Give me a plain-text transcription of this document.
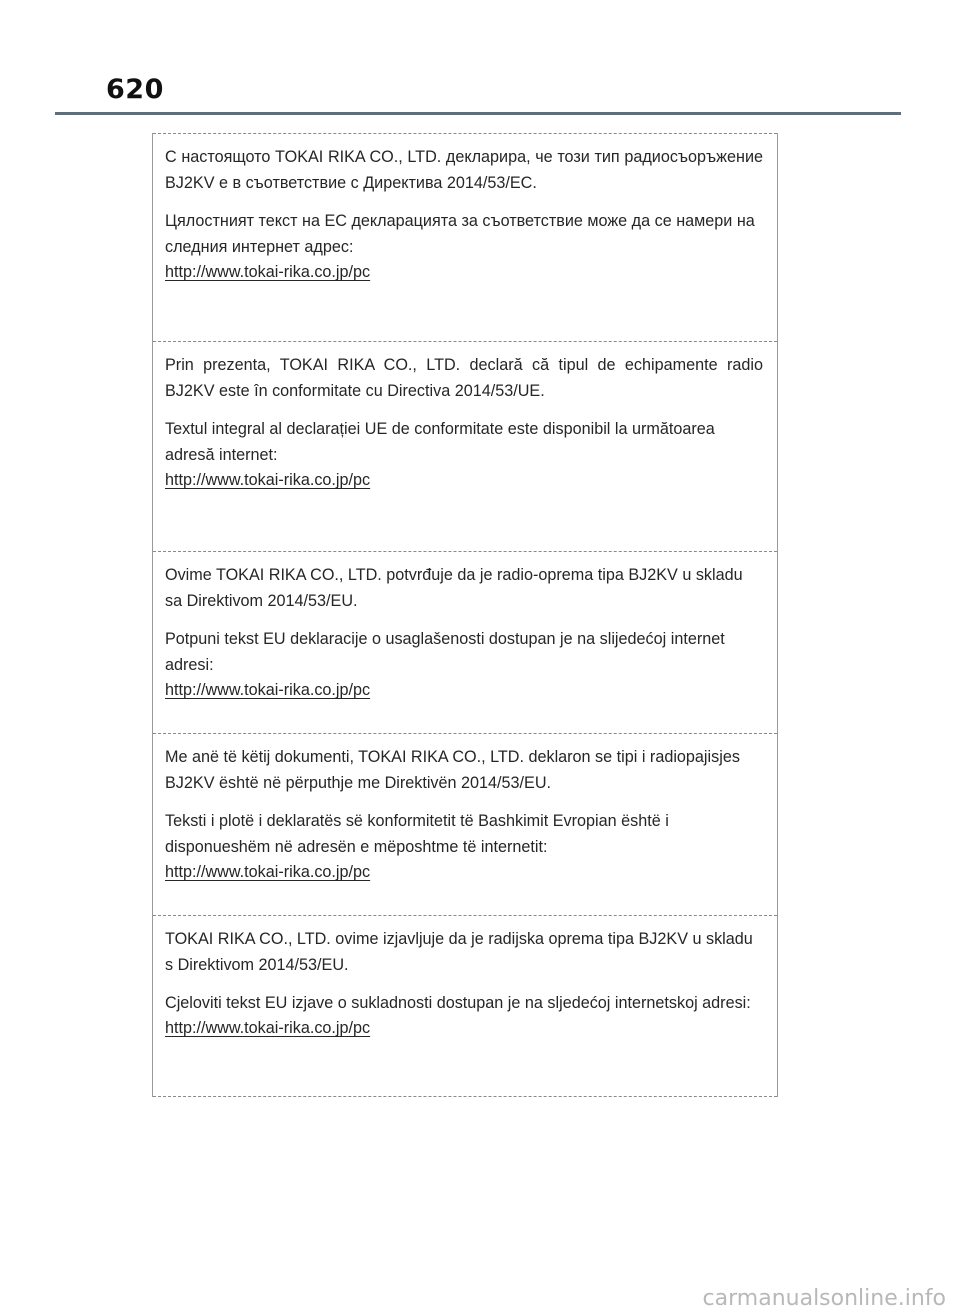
620

С настоящото TOKAI RIKA CO., LTD. декларира, че този тип радиосъоръжение BJ2KV е в съответствие с Директива 2014/53/ЕС.

Цялостният текст на ЕС декларацията за съответствие може да се намери на следния интернет адрес:

http://www.tokai-rika.co.jp/pc

Prin prezenta, TOKAI RIKA CO., LTD. declară că tipul de echipamente radio BJ2KV este în conformitate cu Directiva 2014/53/UE.

Textul integral al declarației UE de conformitate este disponibil la următoarea adresă internet:

http://www.tokai-rika.co.jp/pc

Ovime TOKAI RIKA CO., LTD. potvrđuje da je radio-oprema tipa BJ2KV u skladu sa Direktivom 2014/53/EU.

Potpuni tekst EU deklaracije o usaglašenosti dostupan je na slijedećoj internet adresi:

http://www.tokai-rika.co.jp/pc

Me anë të këtij dokumenti, TOKAI RIKA CO., LTD. deklaron se tipi i radiopajisjes BJ2KV është në përputhje me Direktivën 2014/53/EU.

Teksti i plotë i deklaratës së konformitetit të Bashkimit Evropian është i disponueshëm në adresën e mëposhtme të internetit:

http://www.tokai-rika.co.jp/pc

TOKAI RIKA CO., LTD. ovime izjavljuje da je radijska oprema tipa BJ2KV u skladu s Direktivom 2014/53/EU.

Cjeloviti tekst EU izjave o sukladnosti dostupan je na sljedećoj internetskoj adresi:

http://www.tokai-rika.co.jp/pc
carmanualsonline.info
